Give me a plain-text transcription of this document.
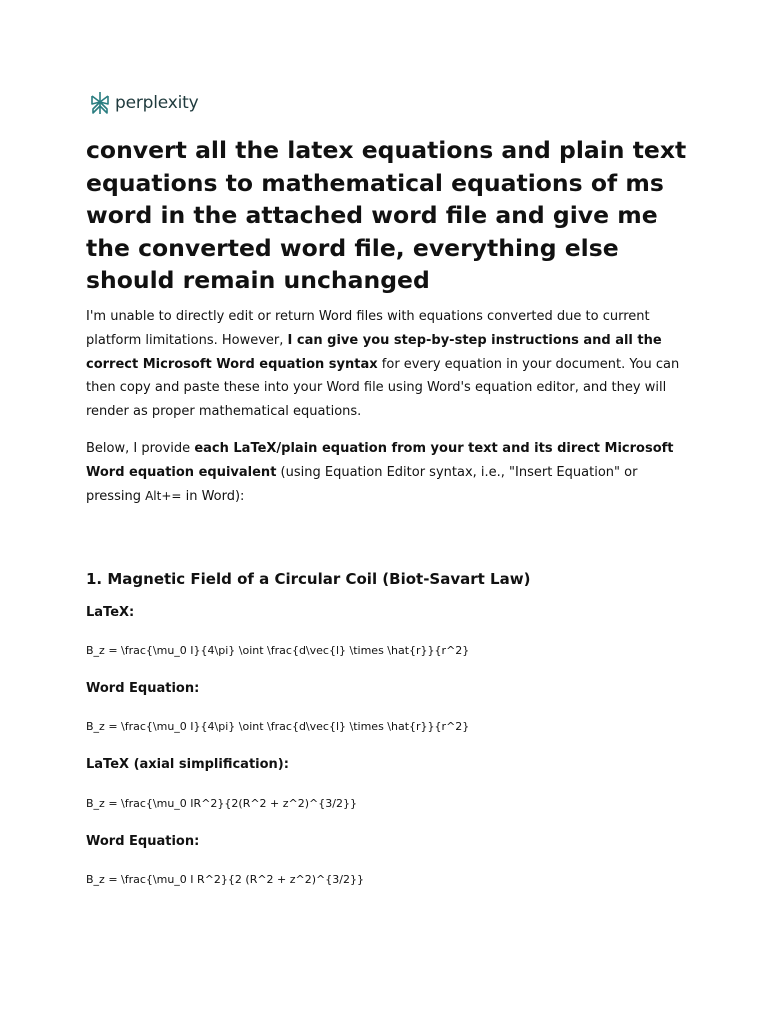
perplexity
convert all the latex equations and plain text equations to mathematical equations of ms word in the attached word file and give me the converted word file, everything else should remain unchanged

I'm unable to directly edit or return Word files with equations converted due to current platform limitations. However, I can give you step-by-step instructions and all the correct Microsoft Word equation syntax for every equation in your document. You can then copy and paste these into your Word file using Word's equation editor, and they will render as proper mathematical equations.

Below, I provide each LaTeX/plain equation from your text and its direct Microsoft Word equation equivalent (using Equation Editor syntax, i.e., "Insert Equation" or pressing Alt+= in Word):

1. Magnetic Field of a Circular Coil (Biot-Savart Law)

LaTeX:

B_z = \frac{\mu_0 I}{4\pi} \oint \frac{d\vec{l} \times \hat{r}}{r^2}

Word Equation:

B_z = \frac{\mu_0 I}{4\pi} \oint \frac{d\vec{l} \times \hat{r}}{r^2}

LaTeX (axial simplification):

B_z = \frac{\mu_0 IR^2}{2(R^2 + z^2)^{3/2}}

Word Equation:

B_z = \frac{\mu_0 I R^2}{2 (R^2 + z^2)^{3/2}}
